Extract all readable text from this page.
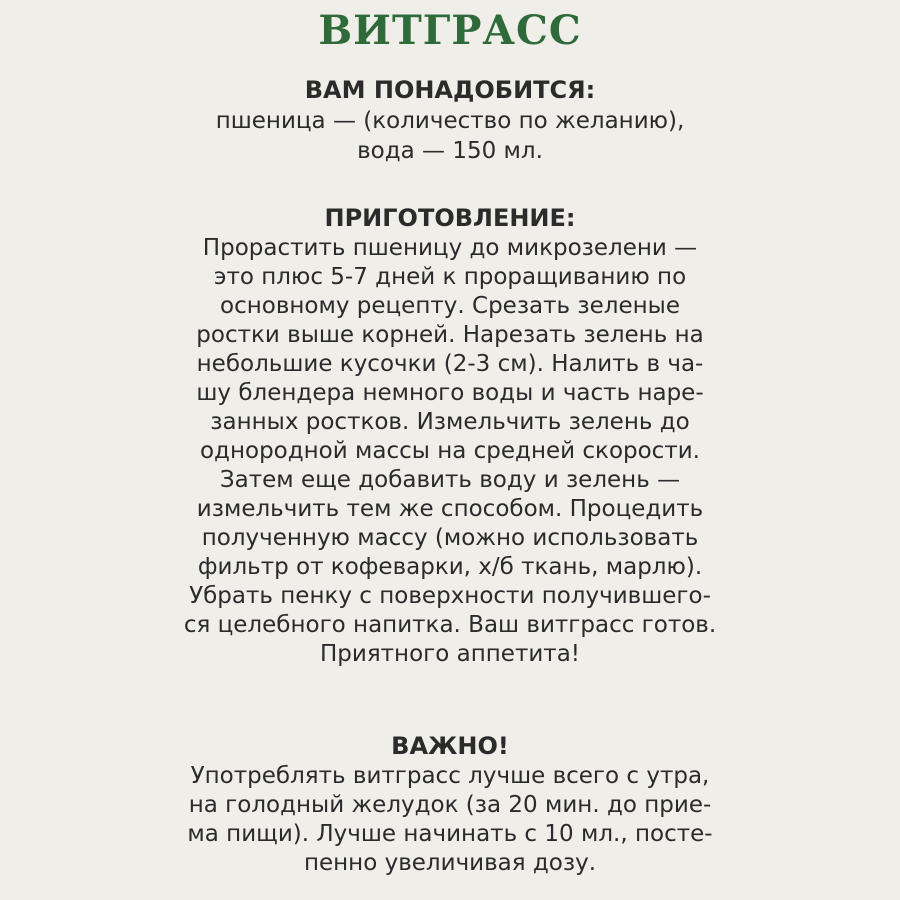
ВИТГРАСС
ВАМ ПОНАДОБИТСЯ:
пшеница — (количество по желанию),
вода — 150 мл.
ПРИГОТОВЛЕНИЕ:
Прорастить пшеницу до микрозелени —
это плюс 5-7 дней к проращиванию по
основному рецепту. Срезать зеленые
ростки выше корней. Нарезать зелень на
небольшие кусочки (2-3 см). Налить в ча-
шу блендера немного воды и часть наре-
занных ростков. Измельчить зелень до
однородной массы на средней скорости.
Затем еще добавить воду и зелень —
измельчить тем же способом. Процедить
полученную массу (можно использовать
фильтр от кофеварки, х/б ткань, марлю).
Убрать пенку с поверхности получившего-
ся целебного напитка. Ваш витграсс готов.
Приятного аппетита!
ВАЖНО!
Употреблять витграсс лучше всего с утра,
на голодный желудок (за 20 мин. до прие-
ма пищи). Лучше начинать с 10 мл., посте-
пенно увеличивая дозу.
